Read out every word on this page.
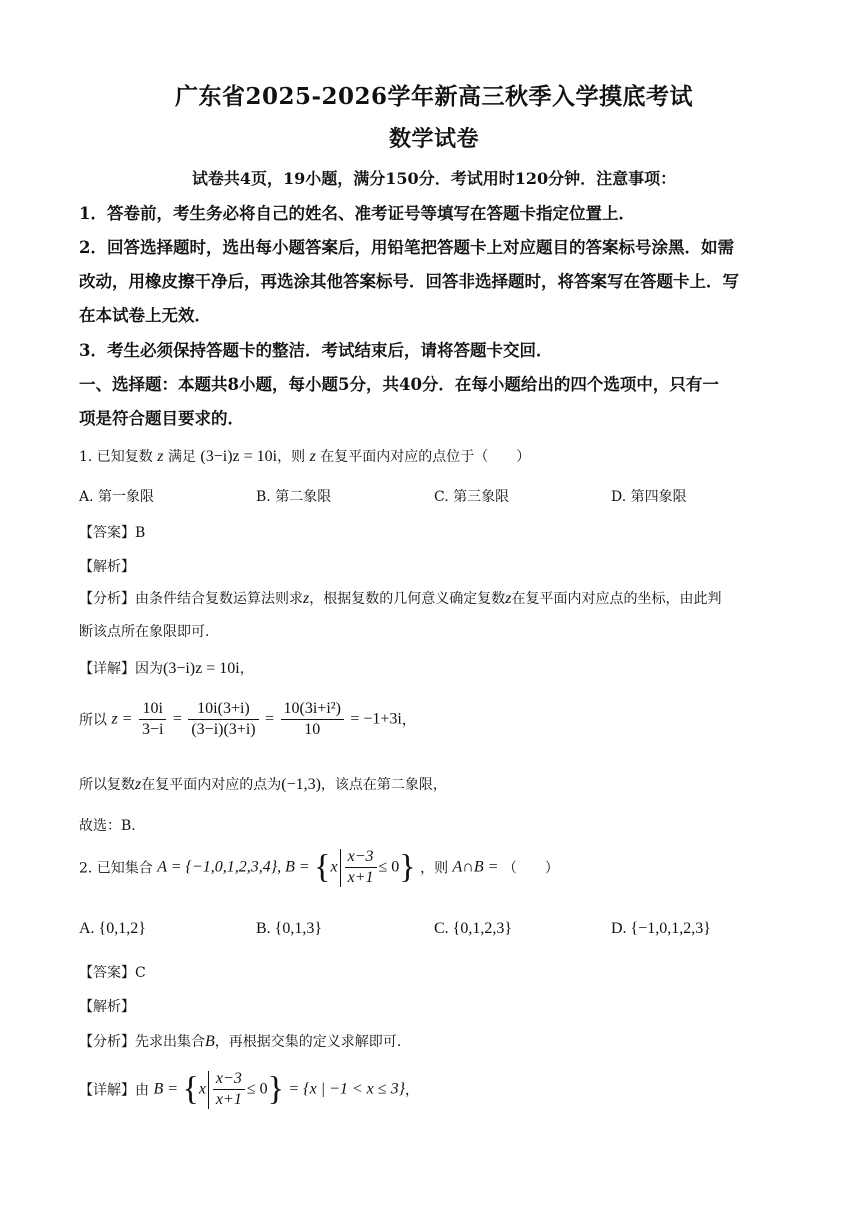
广东省2025-2026学年新高三秋季入学摸底考试
数学试卷
试卷共4页，19小题，满分150分．考试用时120分钟．注意事项：
1．答卷前，考生务必将自己的姓名、准考证号等填写在答题卡指定位置上．
2．回答选择题时，选出每小题答案后，用铅笔把答题卡上对应题目的答案标号涂黑．如需
改动，用橡皮擦干净后，再选涂其他答案标号．回答非选择题时，将答案写在答题卡上．写
在本试卷上无效．
3．考生必须保持答题卡的整洁．考试结束后，请将答题卡交回．
一、选择题：本题共8小题，每小题5分，共40分．在每小题给出的四个选项中，只有一
项是符合题目要求的．
1. 已知复数 z 满足 (3−i)z = 10i，则 z 在复平面内对应的点位于（　　）
A. 第一象限	B. 第二象限	C. 第三象限	D. 第四象限
【答案】B
【解析】
【分析】由条件结合复数运算法则求z，根据复数的几何意义确定复数z在复平面内对应点的坐标，由此判
断该点所在象限即可.
【详解】因为(3−i)z = 10i，
所以 $z = \frac{10i}{3-i} = \frac{10i(3+i)}{(3-i)(3+i)} = \frac{\text{10(3i+i²)}}{10} = -1+3i$，
所以复数z在复平面内对应的点为(−1,3)，该点在第二象限，
故选：B.
2. 已知集合 A = {−1,0,1,2,3,4}, $B = \{x \frac{x-3}{x+1} \le 0\}$ ，则 A∩B = （　　）
A. {0,1,2}	B. {0,1,3}	C. {0,1,2,3}	D. {−1,0,1,2,3}
【答案】C
【解析】
【分析】先求出集合B，再根据交集的定义求解即可.
【详解】由 $B = \{x \frac{x-3}{x+1} \le 0\} = \{x$ | −1 < x ≤ 3}，
